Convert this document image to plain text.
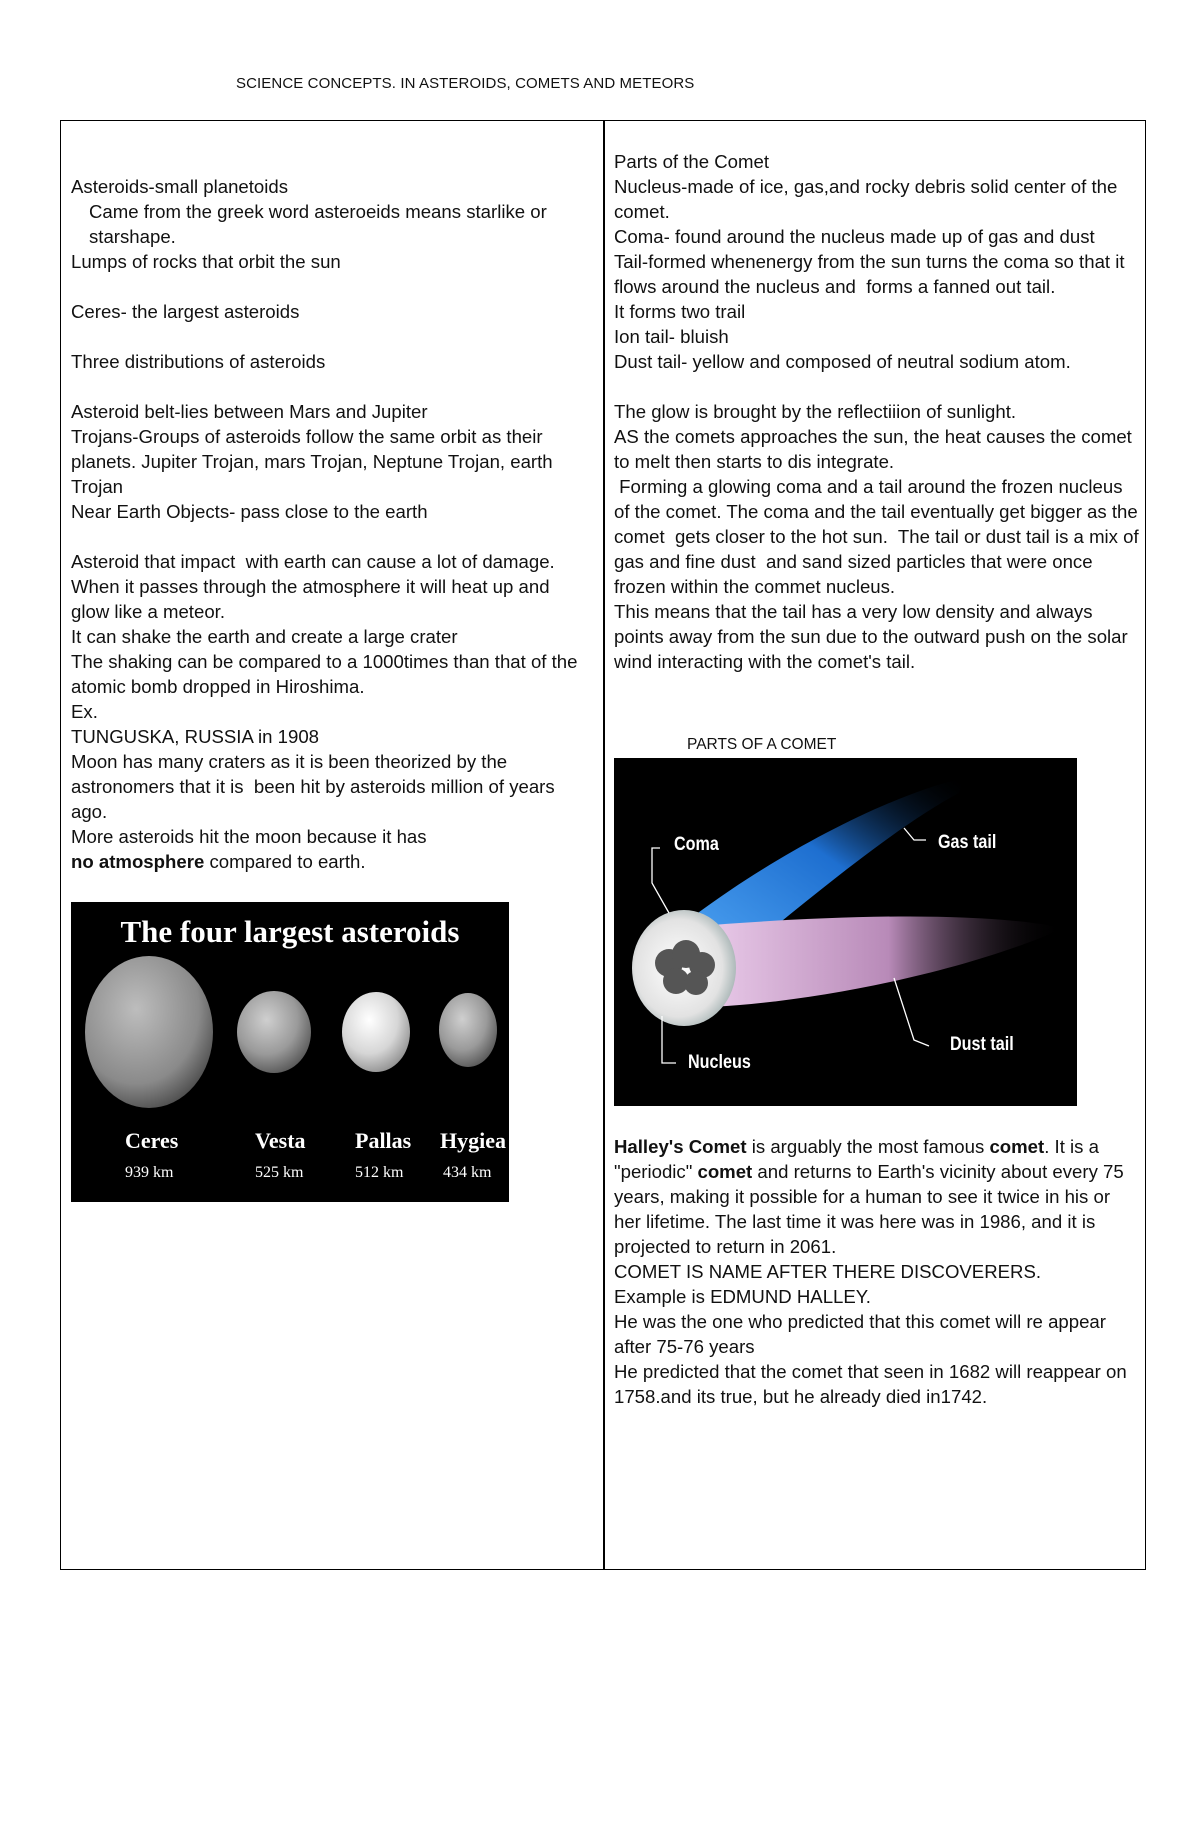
SCIENCE CONCEPTS. IN ASTEROIDS, COMETS AND METEORS

Asteroids-small planetoids

Came from the greek word asteroeids means starlike or starshape.

Lumps of rocks that orbit the sun

Ceres- the largest asteroids

Three distributions of asteroids

Asteroid belt-lies between Mars and Jupiter

Trojans-Groups of asteroids follow the same orbit as their planets. Jupiter Trojan, mars Trojan, Neptune Trojan, earth Trojan

Near Earth Objects- pass close to the earth

Asteroid that impact  with earth can cause a lot of damage. When it passes through the atmosphere it will heat up and glow like a meteor.

It can shake the earth and create a large crater

The shaking can be compared to a 1000times than that of the atomic bomb dropped in Hiroshima.

Ex.

TUNGUSKA, RUSSIA in 1908

Moon has many craters as it is been theorized by the astronomers that it is  been hit by asteroids million of years ago.

More asteroids hit the moon because it has

no atmosphere compared to earth.

The four largest asteroids
Ceres
939 km
Vesta
525 km
Pallas
512 km
Hygiea
434 km

Parts of the Comet

Nucleus-made of ice, gas,and rocky debris solid center of the comet.

Coma- found around the nucleus made up of gas and dust

Tail-formed whenenergy from the sun turns the coma so that it flows around the nucleus and  forms a fanned out tail.

It forms two trail

Ion tail- bluish

Dust tail- yellow and composed of neutral sodium atom.

The glow is brought by the reflectiiion of sunlight.

AS the comets approaches the sun, the heat causes the comet  to melt then starts to dis integrate.

Forming a glowing coma and a tail around the frozen nucleus of the comet. The coma and the tail eventually get bigger as the comet  gets closer to the hot sun.  The tail or dust tail is a mix of gas and fine dust  and sand sized particles that were once frozen within the commet nucleus.

This means that the tail has a very low density and always points away from the sun due to the outward push on the solar wind interacting with the comet's tail.

PARTS OF A COMET

Coma	Gas tail
Dust tail
Nucleus

Halley's Comet is arguably the most famous comet. It is a "periodic" comet and returns to Earth's vicinity about every 75 years, making it possible for a human to see it twice in his or her lifetime. The last time it was here was in 1986, and it is projected to return in 2061.

COMET IS NAME AFTER THERE DISCOVERERS.

Example is EDMUND HALLEY.

He was the one who predicted that this comet will re appear after 75-76 years

He predicted that the comet that seen in 1682 will reappear on 1758.and its true, but he already died in1742.
